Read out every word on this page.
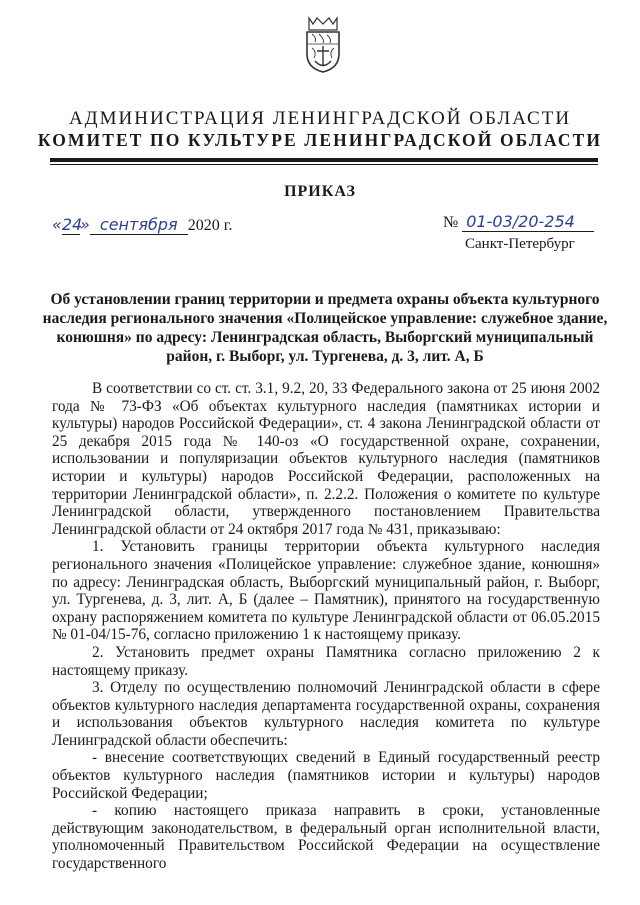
АДМИНИСТРАЦИЯ ЛЕНИНГРАДСКОЙ ОБЛАСТИ
КОМИТЕТ ПО КУЛЬТУРЕ ЛЕНИНГРАДСКОЙ ОБЛАСТИ
ПРИКАЗ
«24» сентября 2020 г.	№ 01-03/20-254
Санкт-Петербург
Об установлении границ территории и предмета охраны объекта культурного наследия регионального значения «Полицейское управление: служебное здание, конюшня» по адресу: Ленинградская область, Выборгский муниципальный район, г. Выборг, ул. Тургенева, д. 3, лит. А, Б

В соответствии со ст. ст. 3.1, 9.2, 20, 33 Федерального закона от 25 июня 2002 года № 73-ФЗ «Об объектах культурного наследия (памятниках истории и культуры) народов Российской Федерации», ст. 4 закона Ленинградской области от 25 декабря 2015 года № 140-оз «О государственной охране, сохранении, использовании и популяризации объектов культурного наследия (памятников истории и культуры) народов Российской Федерации, расположенных на территории Ленинградской области», п. 2.2.2. Положения о комитете по культуре Ленинградской области, утвержденного постановлением Правительства Ленинградской области от 24 октября 2017 года № 431, приказываю:

1. Установить границы территории объекта культурного наследия регионального значения «Полицейское управление: служебное здание, конюшня» по адресу: Ленинградская область, Выборгский муниципальный район, г. Выборг, ул. Тургенева, д. 3, лит. А, Б (далее – Памятник), принятого на государственную охрану распоряжением комитета по культуре Ленинградской области от 06.05.2015 № 01-04/15-76, согласно приложению 1 к настоящему приказу.

2. Установить предмет охраны Памятника согласно приложению 2 к настоящему приказу.

3. Отделу по осуществлению полномочий Ленинградской области в сфере объектов культурного наследия департамента государственной охраны, сохранения и использования объектов культурного наследия комитета по культуре Ленинградской области обеспечить:

- внесение соответствующих сведений в Единый государственный реестр объектов культурного наследия (памятников истории и культуры) народов Российской Федерации;

- копию настоящего приказа направить в сроки, установленные действующим законодательством, в федеральный орган исполнительной власти, уполномоченный Правительством Российской Федерации на осуществление государственного
